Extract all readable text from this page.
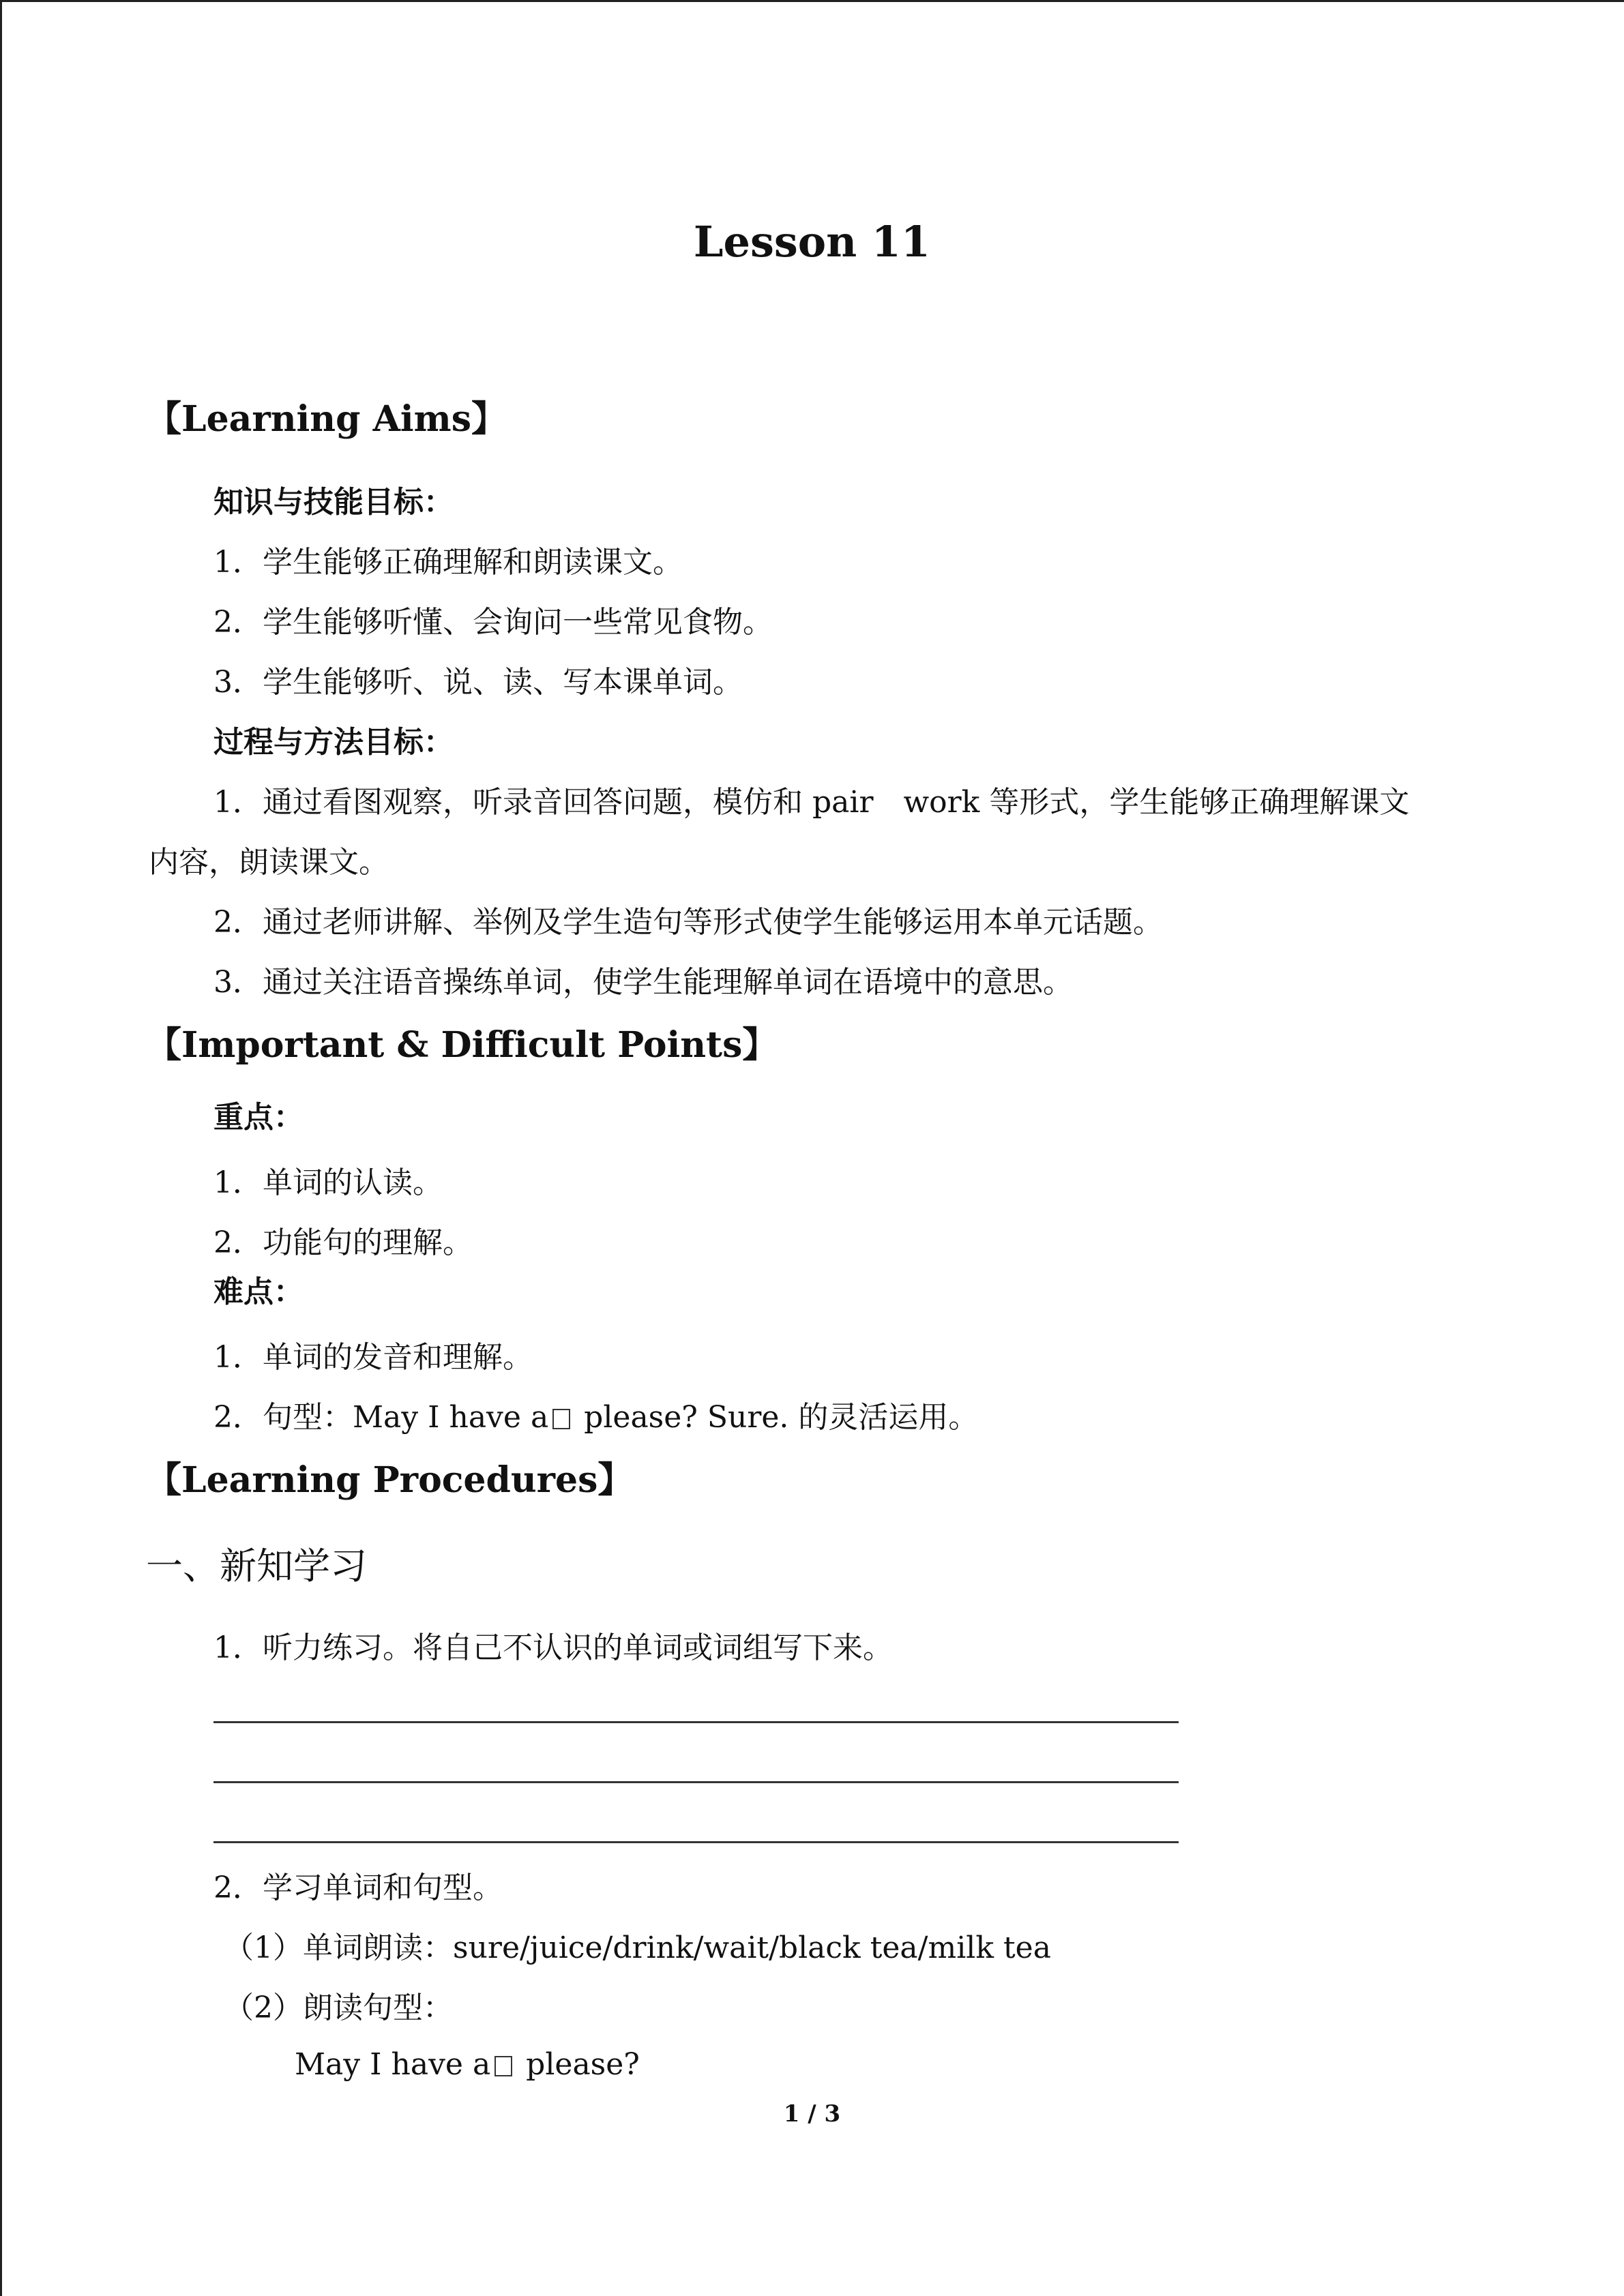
Lesson 11
【Learning Aims】
知识与技能目标：
1．学生能够正确理解和朗读课文。
2．学生能够听懂、会询问一些常见食物。
3．学生能够听、说、读、写本课单词。
过程与方法目标：
1．通过看图观察，听录音回答问题，模仿和 pair　work 等形式，学生能够正确理解课文
内容，朗读课文。
2．通过老师讲解、举例及学生造句等形式使学生能够运用本单元话题。
3．通过关注语音操练单词，使学生能理解单词在语境中的意思。
【Important & Difficult Points】
重点：
1．单词的认读。
2．功能句的理解。
难点：
1．单词的发音和理解。
2．句型：May I have a please? Sure. 的灵活运用。
【Learning Procedures】
一、新知学习
1．听力练习。将自己不认识的单词或词组写下来。
2．学习单词和句型。
（1）单词朗读：sure/juice/drink/wait/black tea/milk tea
（2）朗读句型：
May I have a please?
1 / 3
